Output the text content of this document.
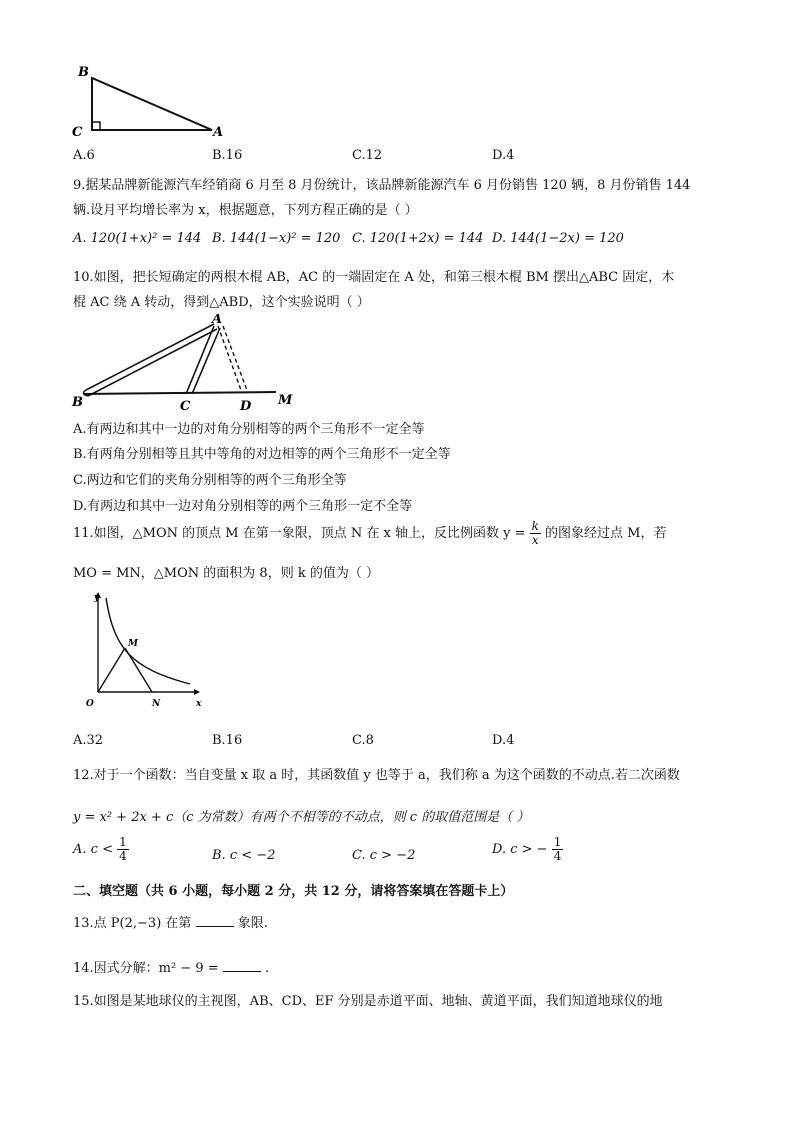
B
C	A
A.6	B.16	C.12	D.4
9.据某品牌新能源汽车经销商 6 月至 8 月份统计，该品牌新能源汽车 6 月份销售 120 辆，8 月份销售 144
辆.设月平均增长率为 x，根据题意，下列方程正确的是（ ）
A. 120(1+x)² = 144 B. 144(1−x)² = 120 C. 120(1+2x) = 144 D. 144(1−2x) = 120
10.如图，把长短确定的两根木棍 AB，AC 的一端固定在 A 处，和第三根木棍 BM 摆出△ABC 固定，木
棍 AC 绕 A 转动，得到△ABD，这个实验说明（ ）
A
B	C	D M
A.有两边和其中一边的对角分别相等的两个三角形不一定全等
B.有两角分别相等且其中等角的对边相等的两个三角形不一定全等
C.两边和它们的夹角分别相等的两个三角形全等
D.有两边和其中一边对角分别相等的两个三角形一定不全等
11.如图，△MON 的顶点 M 在第一象限，顶点 N 在 x 轴上，反比例函数 $y = \frac{k}{x}$ 的图象经过点 M，若
MO = MN，△MON 的面积为 8，则 k 的值为（ ）
y
x
O
M
N
A.32	B.16	C.8	D.4
12.对于一个函数：当自变量 x 取 a 时，其函数值 y 也等于 a，我们称 a 为这个函数的不动点.若二次函数
y = x² + 2x + c（c 为常数）有两个不相等的不动点，则 c 的取值范围是（ ）
A. $c < \frac{1}{4}$	B. c < −2	C. c > −2	D. c > − $\frac{1}{4}$
二、填空题（共 6 小题，每小题 2 分，共 12 分，请将答案填在答题卡上）
13.点 P(2,−3) 在第	象限.
14.因式分解：m² − 9 =	.
15.如图是某地球仪的主视图，AB、CD、EF 分别是赤道平面、地轴、黄道平面，我们知道地球仪的地
